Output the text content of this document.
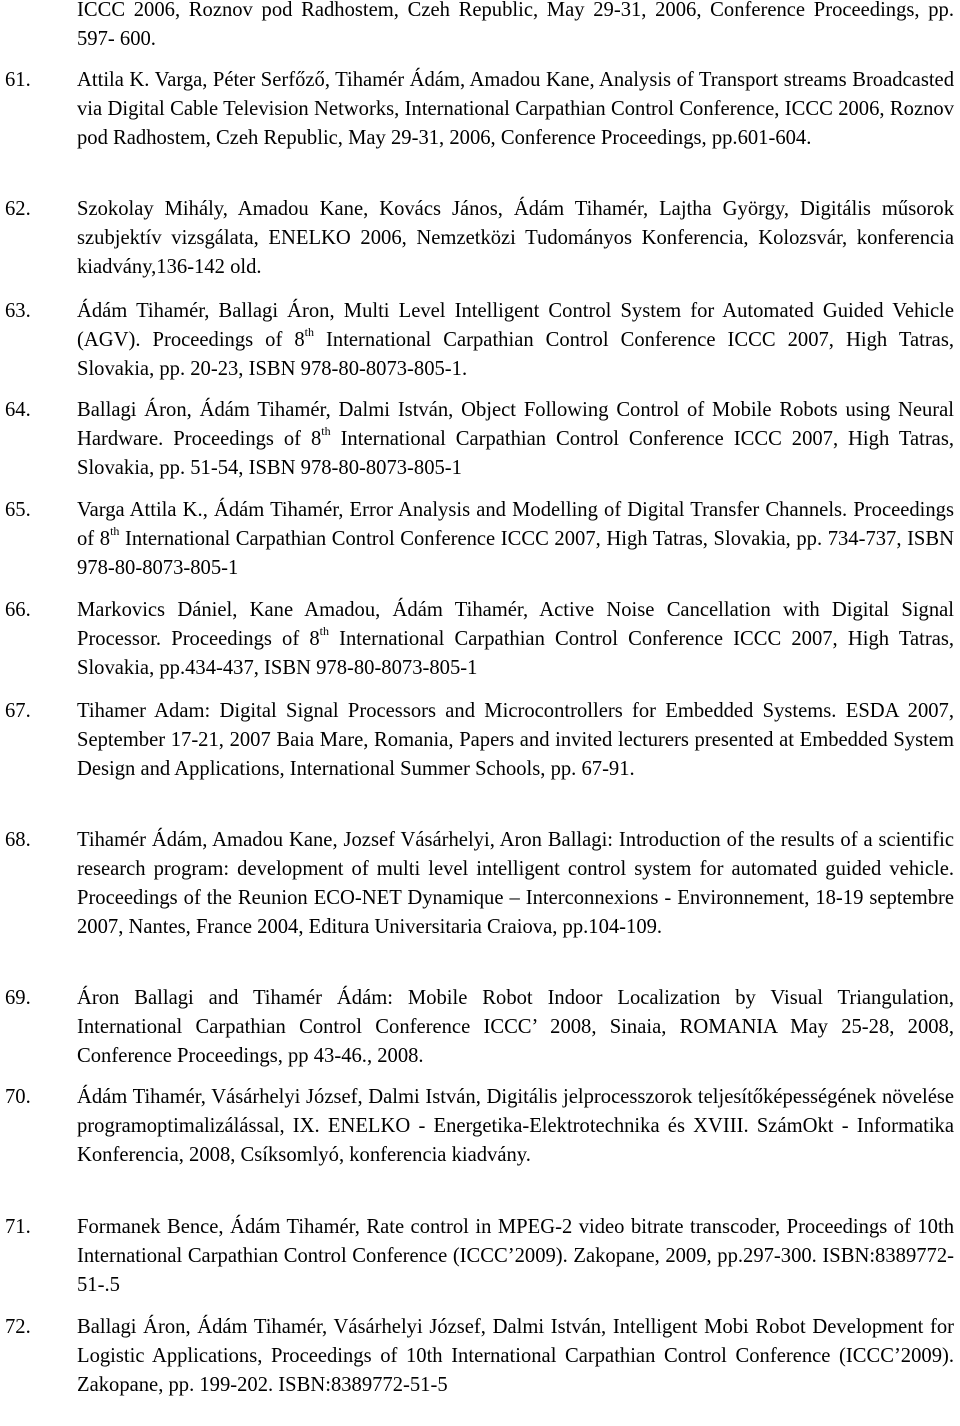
ICCC 2006, Roznov pod Radhostem, Czeh Republic, May 29-31, 2006, Conference Proceedings, pp. 597- 600.
61. Attila K. Varga, Péter Serfőző, Tihamér Ádám, Amadou Kane, Analysis of Transport streams Broadcasted via Digital Cable Television Networks, International Carpathian Control Conference, ICCC 2006, Roznov pod Radhostem, Czeh Republic, May 29-31, 2006, Conference Proceedings, pp.601-604.
62. Szokolay Mihály, Amadou Kane, Kovács János, Ádám Tihamér, Lajtha György, Digitális műsorok szubjektív vizsgálata, ENELKO 2006, Nemzetközi Tudományos Konferencia, Kolozsvár, konferencia kiadvány,136-142 old.
63. Ádám Tihamér, Ballagi Áron, Multi Level Intelligent Control System for Automated Guided Vehicle (AGV). Proceedings of 8th International Carpathian Control Conference ICCC 2007, High Tatras, Slovakia, pp. 20-23, ISBN 978-80-8073-805-1.
64. Ballagi Áron, Ádám Tihamér, Dalmi István, Object Following Control of Mobile Robots using Neural Hardware. Proceedings of 8th International Carpathian Control Conference ICCC 2007, High Tatras, Slovakia, pp. 51-54, ISBN 978-80-8073-805-1
65. Varga Attila K., Ádám Tihamér, Error Analysis and Modelling of Digital Transfer Channels. Proceedings of 8th International Carpathian Control Conference ICCC 2007, High Tatras, Slovakia, pp. 734-737, ISBN 978-80-8073-805-1
66. Markovics Dániel, Kane Amadou, Ádám Tihamér, Active Noise Cancellation with Digital Signal Processor. Proceedings of 8th International Carpathian Control Conference ICCC 2007, High Tatras, Slovakia, pp.434-437, ISBN 978-80-8073-805-1
67. Tihamer Adam: Digital Signal Processors and Microcontrollers for Embedded Systems. ESDA 2007, September 17-21, 2007 Baia Mare, Romania, Papers and invited lecturers presented at Embedded System Design and Applications, International Summer Schools, pp. 67-91.
68. Tihamér Ádám, Amadou Kane, Jozsef Vásárhelyi, Aron Ballagi: Introduction of the results of a scientific research program: development of multi level intelligent control system for automated guided vehicle. Proceedings of the Reunion ECO-NET Dynamique – Interconnexions - Environnement, 18-19 septembre 2007, Nantes, France 2004, Editura Universitaria Craiova, pp.104-109.
69. Áron Ballagi and Tihamér Ádám: Mobile Robot Indoor Localization by Visual Triangulation, International Carpathian Control Conference ICCC’ 2008, Sinaia, ROMANIA May 25-28, 2008, Conference Proceedings, pp 43-46., 2008.
70. Ádám Tihamér, Vásárhelyi József, Dalmi István, Digitális jelprocesszorok teljesítőképességének növelése programoptimalizálással, IX. ENELKO - Energetika-Elektrotechnika és XVIII. SzámOkt - Informatika Konferencia, 2008, Csíksomlyó, konferencia kiadvány.
71. Formanek Bence, Ádám Tihamér, Rate control in MPEG-2 video bitrate transcoder, Proceedings of 10th International Carpathian Control Conference (ICCC’2009). Zakopane, 2009, pp.297-300. ISBN:8389772-51-.5
72. Ballagi Áron, Ádám Tihamér, Vásárhelyi József, Dalmi István, Intelligent Mobi Robot Development for Logistic Applications, Proceedings of 10th International Carpathian Control Conference (ICCC’2009). Zakopane, pp. 199-202. ISBN:8389772-51-5
